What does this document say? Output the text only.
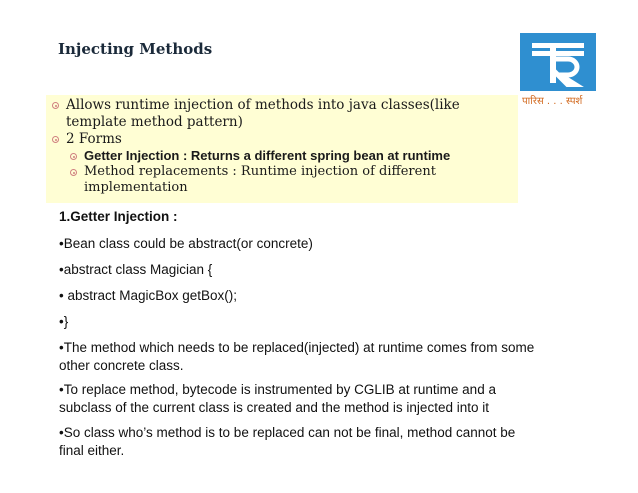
Injecting Methods
पारिस . . . स्पर्श
Allows runtime injection of methods into java classes(like
template method pattern)
2 Forms
Getter Injection : Returns a different spring bean at runtime
Method replacements : Runtime injection of different
implementation
1.Getter Injection :
•Bean class could be abstract(or concrete)
•abstract class Magician {
• abstract MagicBox getBox();
•}
•The method which needs to be replaced(injected) at runtime comes from some
other concrete class.
•To replace method, bytecode is instrumented by CGLIB at runtime and a
subclass of the current class is created and the method is injected into it
•So class who’s method is to be replaced can not be final, method cannot be
final either.
